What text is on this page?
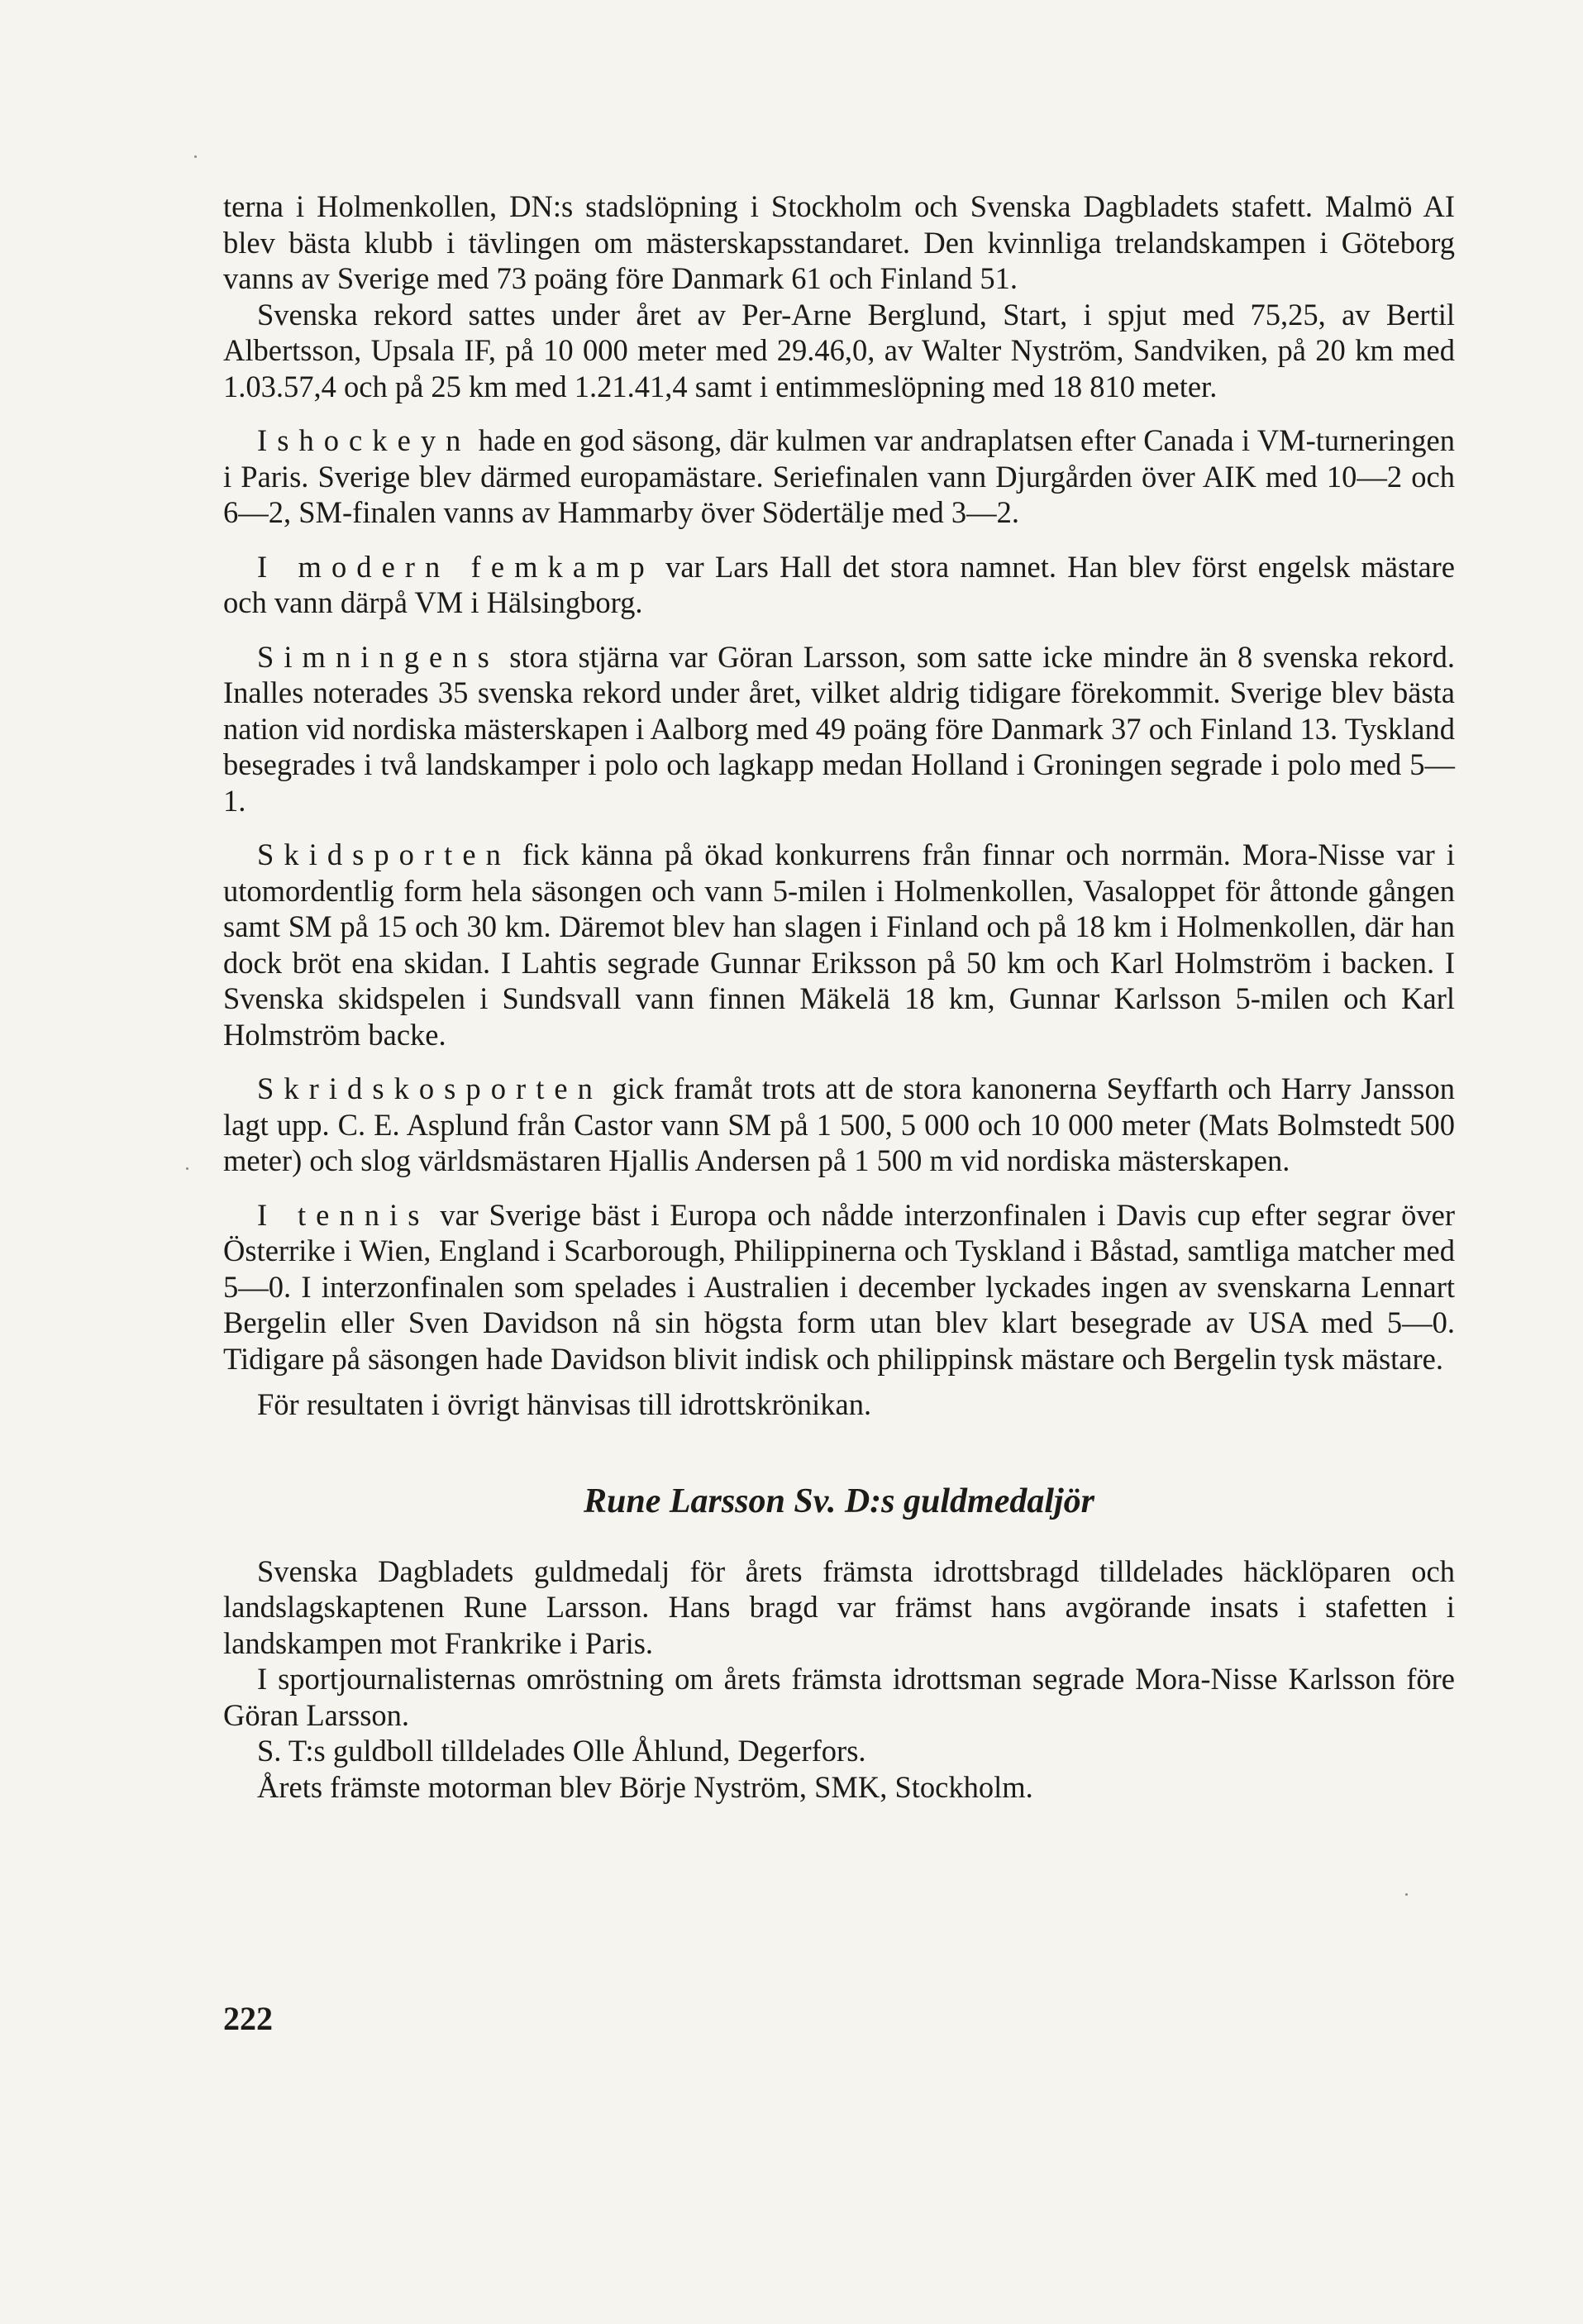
terna i Holmenkollen, DN:s stadslöpning i Stockholm och Svenska Dagbladets stafett. Malmö AI blev bästa klubb i tävlingen om mästerskapsstandaret. Den kvinnliga trelandskampen i Göteborg vanns av Sverige med 73 poäng före Danmark 61 och Finland 51.

Svenska rekord sattes under året av Per-Arne Berglund, Start, i spjut med 75,25, av Bertil Albertsson, Upsala IF, på 10 000 meter med 29.46,0, av Walter Nyström, Sandviken, på 20 km med 1.03.57,4 och på 25 km med 1.21.41,4 samt i entimmeslöpning med 18 810 meter.

Ishockeyn hade en god säsong, där kulmen var andraplatsen efter Canada i VM-turneringen i Paris. Sverige blev därmed europamästare. Seriefinalen vann Djurgården över AIK med 10—2 och 6—2, SM-finalen vanns av Hammarby över Södertälje med 3—2.

I modern femkamp var Lars Hall det stora namnet. Han blev först engelsk mästare och vann därpå VM i Hälsingborg.

Simningens stora stjärna var Göran Larsson, som satte icke mindre än 8 svenska rekord. Inalles noterades 35 svenska rekord under året, vilket aldrig tidigare förekommit. Sverige blev bästa nation vid nordiska mästerskapen i Aalborg med 49 poäng före Danmark 37 och Finland 13. Tyskland besegrades i två landskamper i polo och lagkapp medan Holland i Groningen segrade i polo med 5—1.

Skidsporten fick känna på ökad konkurrens från finnar och norrmän. Mora-Nisse var i utomordentlig form hela säsongen och vann 5-milen i Holmenkollen, Vasaloppet för åttonde gången samt SM på 15 och 30 km. Däremot blev han slagen i Finland och på 18 km i Holmenkollen, där han dock bröt ena skidan. I Lahtis segrade Gunnar Eriksson på 50 km och Karl Holmström i backen. I Svenska skidspelen i Sundsvall vann finnen Mäkelä 18 km, Gunnar Karlsson 5-milen och Karl Holmström backe.

Skridskosporten gick framåt trots att de stora kanonerna Seyffarth och Harry Jansson lagt upp. C. E. Asplund från Castor vann SM på 1 500, 5 000 och 10 000 meter (Mats Bolmstedt 500 meter) och slog världsmästaren Hjallis Andersen på 1 500 m vid nordiska mästerskapen.

I tennis var Sverige bäst i Europa och nådde interzonfinalen i Davis cup efter segrar över Österrike i Wien, England i Scarborough, Philippinerna och Tyskland i Båstad, samtliga matcher med 5—0. I interzonfinalen som spelades i Australien i december lyckades ingen av svenskarna Lennart Bergelin eller Sven Davidson nå sin högsta form utan blev klart besegrade av USA med 5—0. Tidigare på säsongen hade Davidson blivit indisk och philippinsk mästare och Bergelin tysk mästare.

För resultaten i övrigt hänvisas till idrottskrönikan.

Rune Larsson Sv. D:s guldmedaljör

Svenska Dagbladets guldmedalj för årets främsta idrottsbragd tilldelades häcklöparen och landslagskaptenen Rune Larsson. Hans bragd var främst hans avgörande insats i stafetten i landskampen mot Frankrike i Paris.

I sportjournalisternas omröstning om årets främsta idrottsman segrade Mora-Nisse Karlsson före Göran Larsson.

S. T:s guldboll tilldelades Olle Åhlund, Degerfors.

Årets främste motorman blev Börje Nyström, SMK, Stockholm.

222
